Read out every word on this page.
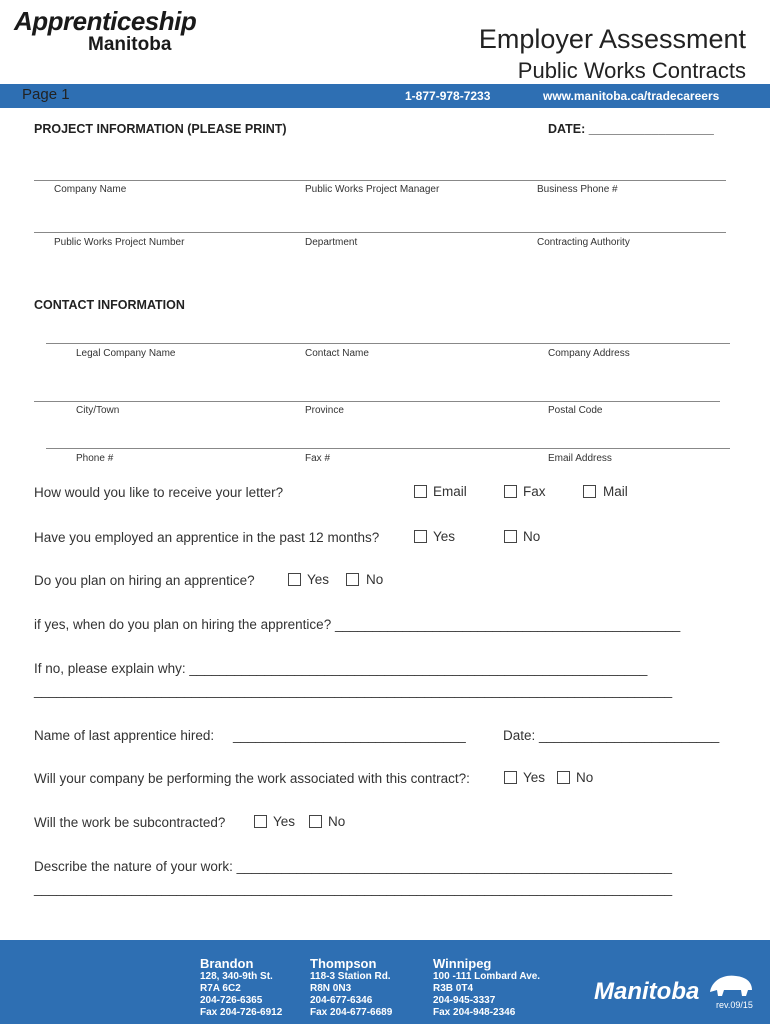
Apprenticeship
Manitoba	Employer Assessment
Public Works Contracts
Page 1	1-877-978-7233	www.manitoba.ca/tradecareers
PROJECT INFORMATION (PLEASE PRINT)	DATE: __________________
Company Name	Public Works Project Manager	Business Phone #
Public Works Project Number	Department	Contracting Authority
CONTACT INFORMATION
Legal Company Name	Contact Name	Company Address
City/Town	Province	Postal Code
Phone #	Fax #	Email Address
How would you like to receive your letter?	Email	Fax	Mail
Have you employed an apprentice in the past 12 months?	Yes	No
Do you plan on hiring an apprentice?	Yes	No
if yes, when do you plan on hiring the apprentice? ______________________________________________
If no, please explain why: _____________________________________________________________
_____________________________________________________________________________________
Name of last apprentice hired: _______________________________	Date: ________________________
Will your company be performing the work associated with this contract?:	Yes No
Will the work be subcontracted?	Yes No
Describe the nature of your work: __________________________________________________________
_____________________________________________________________________________________
Brandon
128, 340-9th St.
R7A 6C2
204-726-6365
Fax 204-726-6912
Thompson
118-3 Station Rd.
R8N 0N3
204-677-6346
Fax 204-677-6689
Winnipeg
100 -111 Lombard Ave.
R3B 0T4
204-945-3337
Fax 204-948-2346
Manitoba rev.09/15
